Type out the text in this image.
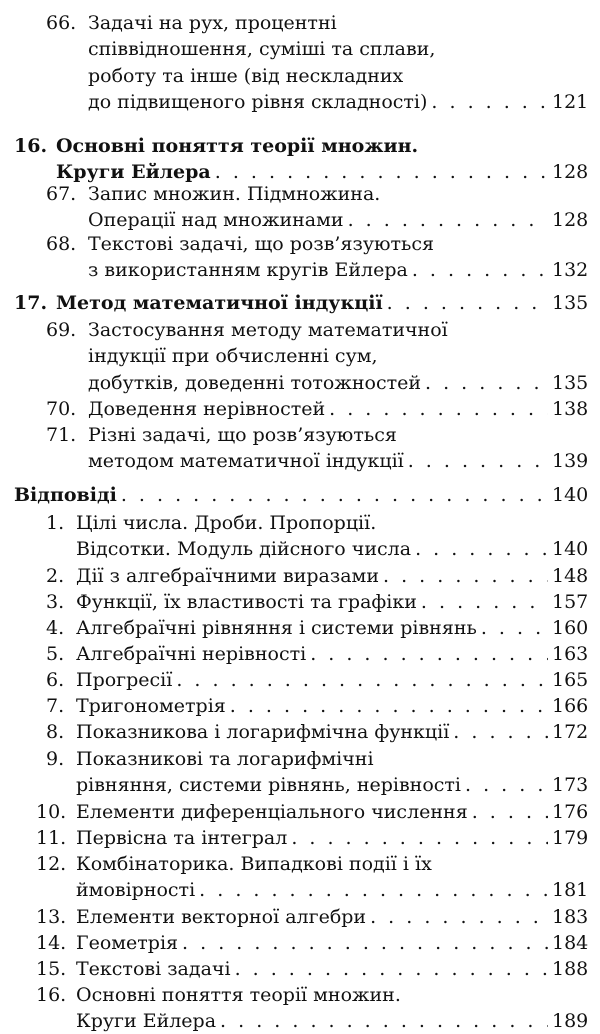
66. Задачі на рух, процентні
співвідношення, суміші та сплави,
роботу та інше (від нескладних
до підвищеного рівня складності) . . .	121
16. Основні поняття теорії множин.
Круги Ейлера . . .	128
67. Запис множин. Підмножина.
Операції над множинами . . .	128
68. Текстові задачі, що розв’язуються
з використанням кругів Ейлера . . .	132
17. Метод математичної індукції . . .	135
69. Застосування методу математичної
індукції при обчисленні сум,
добутків, доведенні тотожностей . . .	135
70. Доведення нерівностей . . .	138
71. Різні задачі, що розв’язуються
методом математичної індукції . . .	139
Відповіді . . .	140
1. Цілі числа. Дроби. Пропорції.
Відсотки. Модуль дійсного числа . . .	140
2. Дії з алгебраїчними виразами . . .	148
3. Функції, їх властивості та графіки . . .	157
4. Алгебраїчні рівняння і системи рівнянь . . .	160
5. Алгебраїчні нерівності . . .	163
6. Прогресії . . .	165
7. Тригонометрія . . .	166
8. Показникова і логарифмічна функції . . .	172
9. Показникові та логарифмічні
рівняння, системи рівнянь, нерівності . . .	173
10. Елементи диференціального числення . . .	176
11. Первісна та інтеграл . . .	179
12. Комбінаторика. Випадкові події і їх
ймовірності . . .	181
13. Елементи векторної алгебри . . .	183
14. Геометрія . . .	184
15. Текстові задачі . . .	188
16. Основні поняття теорії множин.
Круги Ейлера . . .	189
